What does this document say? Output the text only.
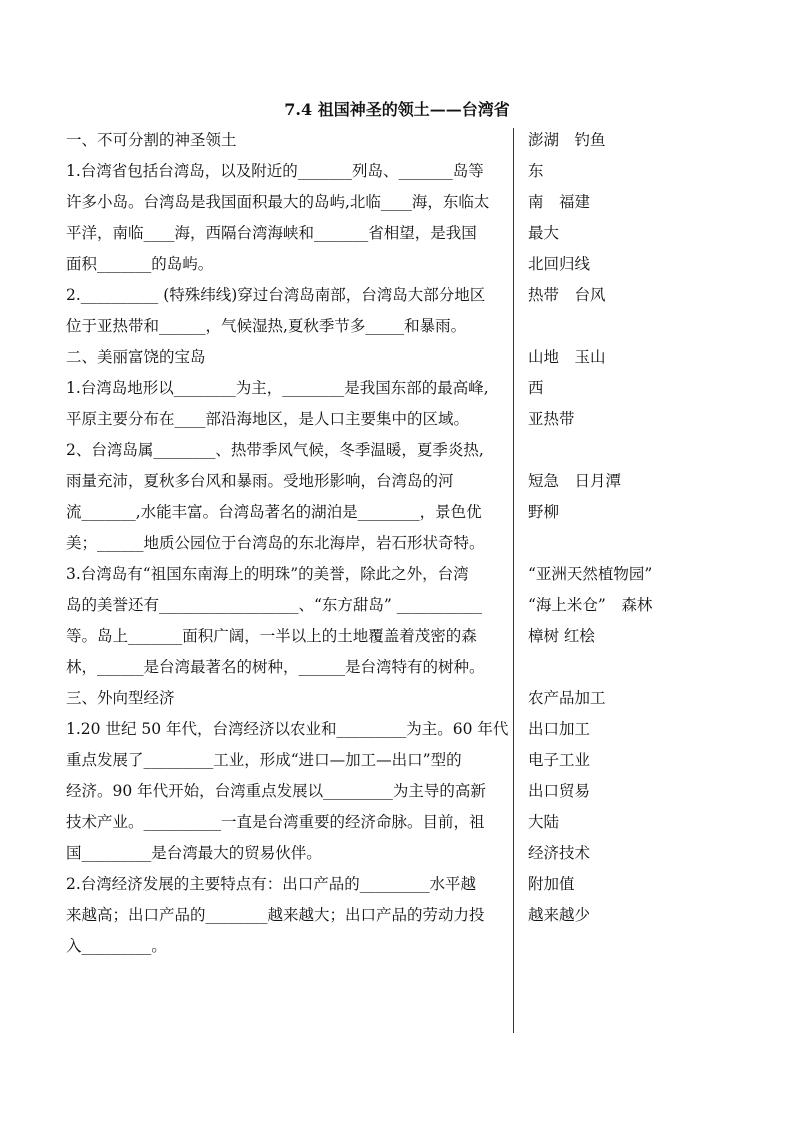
7.4 祖国神圣的领土——台湾省
一、不可分割的神圣领土
1.台湾省包括台湾岛，以及附近的_______列岛、_______岛等
许多小岛。台湾岛是我国面积最大的岛屿,北临____海，东临太
平洋，南临____海，西隔台湾海峡和_______省相望，是我国
面积_______的岛屿。
2.__________ (特殊纬线)穿过台湾岛南部，台湾岛大部分地区
位于亚热带和______，气候湿热,夏秋季节多_____和暴雨。
二、美丽富饶的宝岛
1.台湾岛地形以________为主，________是我国东部的最高峰,
平原主要分布在____部沿海地区，是人口主要集中的区域。
2、台湾岛属________、热带季风气候，冬季温暖，夏季炎热,
雨量充沛，夏秋多台风和暴雨。受地形影响，台湾岛的河
流_______,水能丰富。台湾岛著名的湖泊是________，景色优
美；______地质公园位于台湾岛的东北海岸，岩石形状奇特。
3.台湾岛有“祖国东南海上的明珠”的美誉，除此之外，台湾
岛的美誉还有__________________、“东方甜岛” ___________
等。岛上_______面积广阔，一半以上的土地覆盖着茂密的森
林，______是台湾最著名的树种，______是台湾特有的树种。
三、外向型经济
1.20 世纪 50 年代，台湾经济以农业和_________为主。60 年代
重点发展了_________工业，形成“进口—加工—出口”型的
经济。90 年代开始，台湾重点发展以_________为主导的高新
技术产业。__________一直是台湾重要的经济命脉。目前，祖
国_________是台湾最大的贸易伙伴。
2.台湾经济发展的主要特点有：出口产品的_________水平越
来越高；出口产品的________越来越大；出口产品的劳动力投
入_________。
澎湖　钓鱼
东
南　福建
最大
北回归线
热带　台风
山地　玉山
西
亚热带
短急　日月潭
野柳
“亚洲天然植物园”
“海上米仓”　森林
樟树 红桧
农产品加工
出口加工
电子工业
出口贸易
大陆
经济技术
附加值
越来越少
